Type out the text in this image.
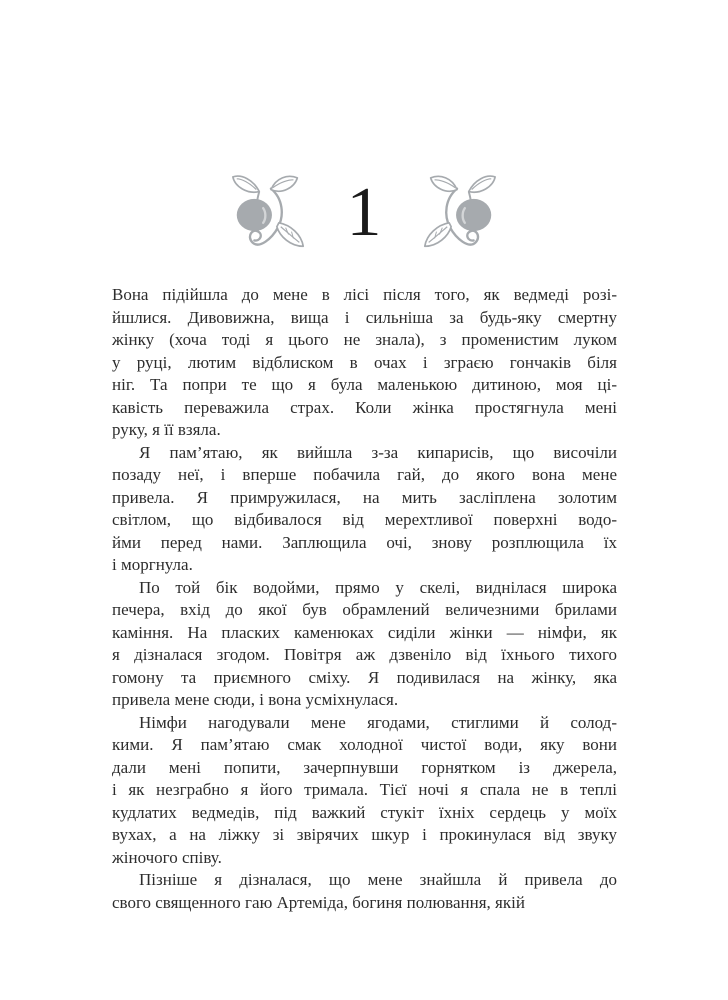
1
Вона підійшла до мене в лісі після того, як ведмеді розі-
йшлися. Дивовижна, вища і сильніша за будь-яку смертну
жінку (хоча тоді я цього не знала), з променистим луком
у руці, лютим відблиском в очах і зграєю гончаків біля
ніг. Та попри те що я була маленькою дитиною, моя ці-
кавість переважила страх. Коли жінка простягнула мені
руку, я її взяла.
Я пам’ятаю, як вийшла з-за кипарисів, що височіли
позаду неї, і вперше побачила гай, до якого вона мене
привела. Я примружилася, на мить засліплена золотим
світлом, що відбивалося від мерехтливої поверхні водо-
йми перед нами. Заплющила очі, знову розплющила їх
і моргнула.
По той бік водойми, прямо у скелі, виднілася широка
печера, вхід до якої був обрамлений величезними брилами
каміння. На пласких каменюках сиділи жінки — німфи, як
я дізналася згодом. Повітря аж дзвеніло від їхнього тихого
гомону та приємного сміху. Я подивилася на жінку, яка
привела мене сюди, і вона усміхнулася.
Німфи нагодували мене ягодами, стиглими й солод-
кими. Я пам’ятаю смак холодної чистої води, яку вони
дали мені попити, зачерпнувши горнятком із джерела,
і як незграбно я його тримала. Тієї ночі я спала не в теплі
кудлатих ведмедів, під важкий стукіт їхніх сердець у моїх
вухах, а на ліжку зі звірячих шкур і прокинулася від звуку
жіночого співу.
Пізніше я дізналася, що мене знайшла й привела до
свого священного гаю Артеміда, богиня полювання, якій
